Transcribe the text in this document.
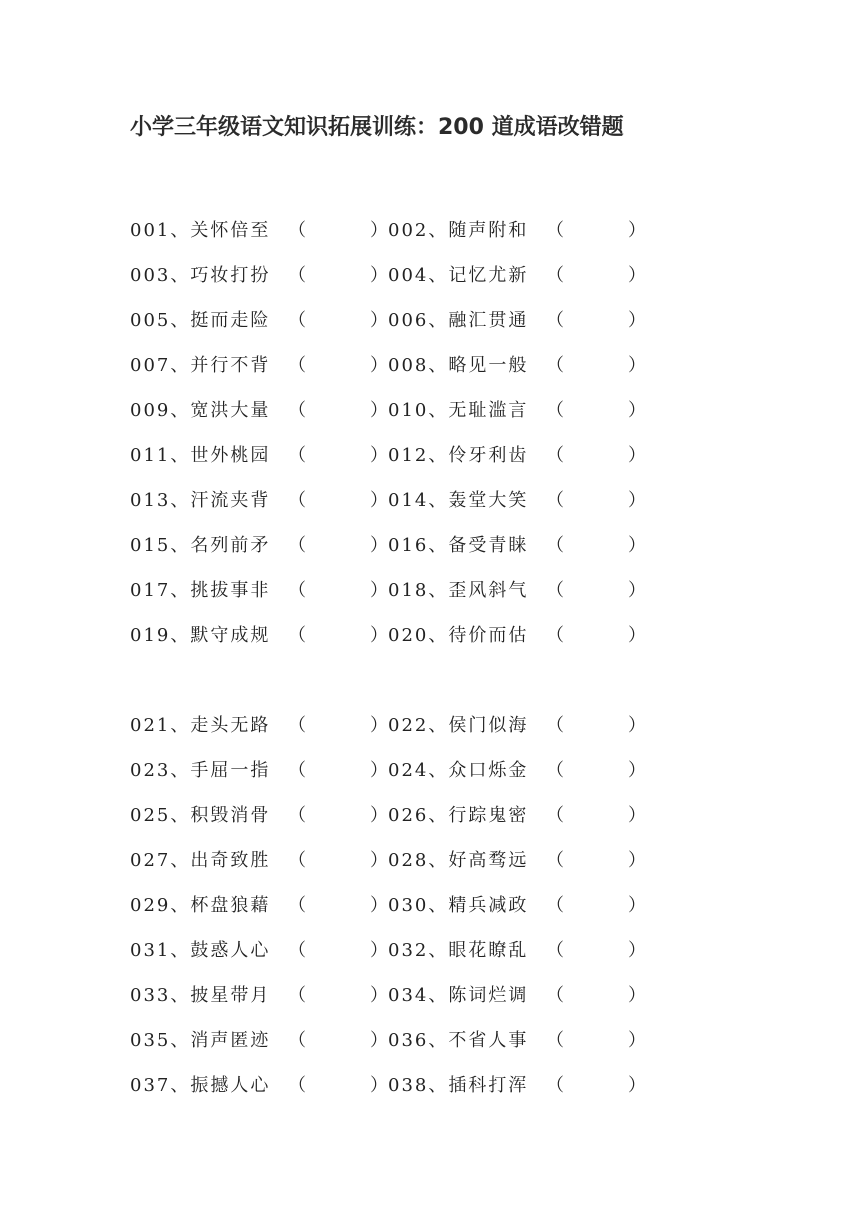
小学三年级语文知识拓展训练：200 道成语改错题
001、关怀倍至 （	）
002、随声附和 （	）
003、巧妆打扮 （	）
004、记忆尤新 （	）
005、挺而走险 （	）
006、融汇贯通 （	）
007、并行不背 （	）
008、略见一般 （	）
009、宽洪大量 （	）
010、无耻滥言 （	）
011、世外桃园 （	）
012、伶牙利齿 （	）
013、汗流夹背 （	）
014、轰堂大笑 （	）
015、名列前矛 （	）
016、备受青睐 （	）
017、挑拔事非 （	）
018、歪风斜气 （	）
019、默守成规 （	）
020、待价而估 （	）
021、走头无路 （	）
022、侯门似海 （	）
023、手屈一指 （	）
024、众口烁金 （	）
025、积毁消骨 （	）
026、行踪鬼密 （	）
027、出奇致胜 （	）
028、好高骛远 （	）
029、杯盘狼藉 （	）
030、精兵减政 （	）
031、鼓惑人心 （	）
032、眼花瞭乱 （	）
033、披星带月 （	）
034、陈词烂调 （	）
035、消声匿迹 （	）
036、不省人事 （	）
037、振撼人心 （	）
038、插科打浑 （	）
